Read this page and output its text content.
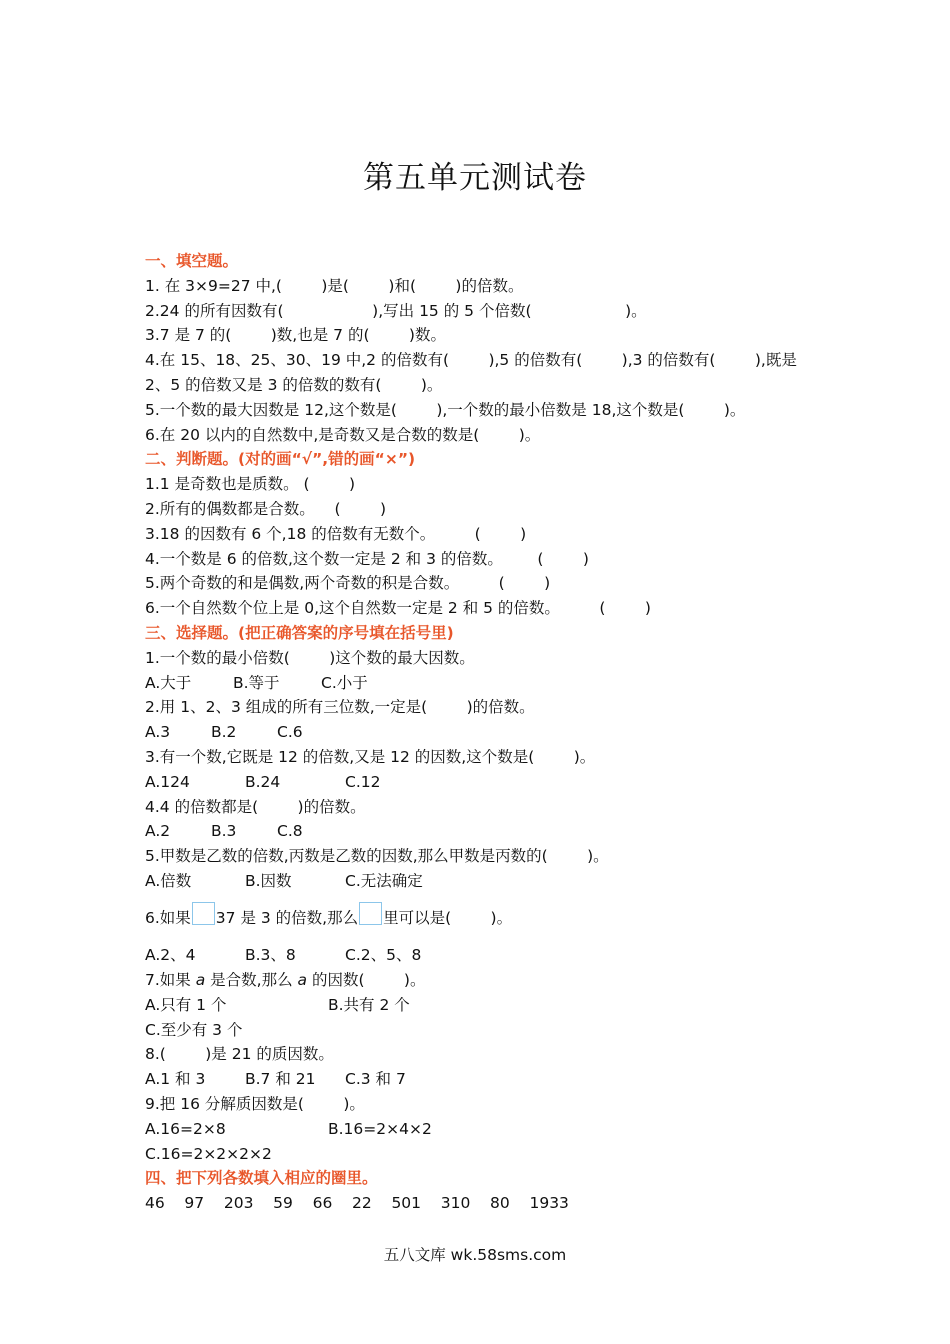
第五单元测试卷
一、填空题。
1. 在 3×9=27 中,(        )是(        )和(        )的倍数。
2.24 的所有因数有(                  ),写出 15 的 5 个倍数(                   )。
3.7 是 7 的(        )数,也是 7 的(        )数。
4.在 15、18、25、30、19 中,2 的倍数有(        ),5 的倍数有(        ),3 的倍数有(        ),既是
2、5 的倍数又是 3 的倍数的数有(        )。
5.一个数的最大因数是 12,这个数是(        ),一个数的最小倍数是 18,这个数是(        )。
6.在 20 以内的自然数中,是奇数又是合数的数是(        )。
二、判断题。(对的画“√”,错的画“×”)
1.1 是奇数也是质数。 (        )
2.所有的偶数都是合数。    (        )
3.18 的因数有 6 个,18 的倍数有无数个。        (        )
4.一个数是 6 的倍数,这个数一定是 2 和 3 的倍数。       (        )
5.两个奇数的和是偶数,两个奇数的积是合数。        (        )
6.一个自然数个位上是 0,这个自然数一定是 2 和 5 的倍数。        (        )
三、选择题。(把正确答案的序号填在括号里)
1.一个数的最小倍数(        )这个数的最大因数。

A.大于

	B.等于

	C.小于

2.用 1、2、3 组成的所有三位数,一定是(        )的倍数。

A.3

	B.2

	C.6

3.有一个数,它既是 12 的倍数,又是 12 的因数,这个数是(        )。

A.124

	B.24

	C.12

4.4 的倍数都是(        )的倍数。

A.2

	B.3

	C.8

5.甲数是乙数的倍数,丙数是乙数的因数,那么甲数是丙数的(        )。

A.倍数

	B.因数

	C.无法确定

6.如果 37 是 3 的倍数,那么 里可以是(        )。

A.2、4

	B.3、8

	C.2、5、8

7.如果 a 是合数,那么 a 的因数(        )。

A.只有 1 个

	B.共有 2 个

C.至少有 3 个
8.(        )是 21 的质因数。

A.1 和 3

	B.7 和 21

C.3 和 7

9.把 16 分解质因数是(        )。

A.16=2×8

	B.16=2×4×2

C.16=2×2×2×2
四、把下列各数填入相应的圈里。
46    97    203    59    66    22    501    310    80    1933
五八文库 wk.58sms.com
